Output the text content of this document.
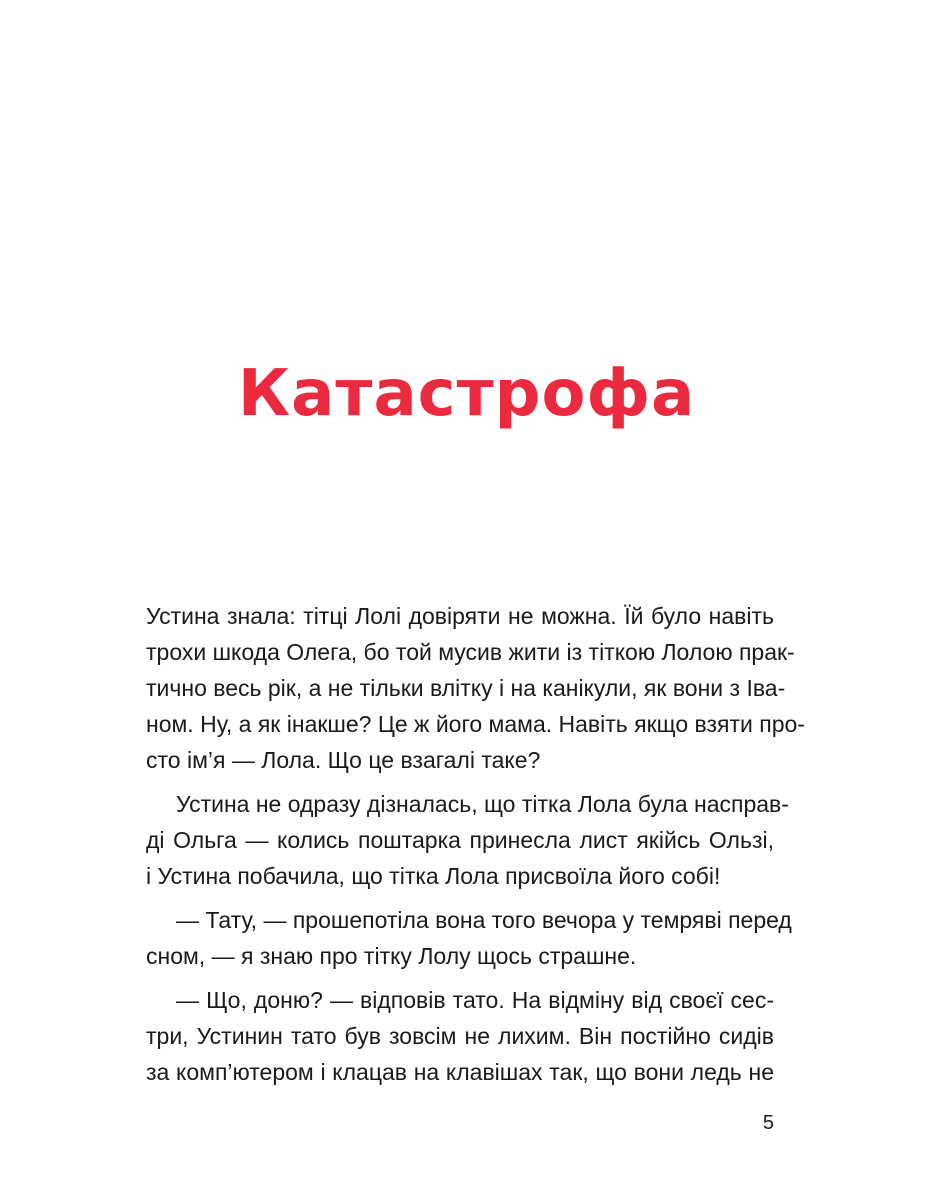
Катастрофа
Устина знала: тітці Лолі довіряти не можна. Їй було навіть
трохи шкода Олега, бо той мусив жити із тіткою Лолою прак-
тично весь рік, а не тільки влітку і на канікули, як вони з Іва-
ном. Ну, а як інакше? Це ж його мама. Навіть якщо взяти про-
сто ім’я — Лола. Що це взагалі таке?
Устина не одразу дізналась, що тітка Лола була насправ-
ді Ольга — колись поштарка принесла лист якійсь Ользі,
і Устина побачила, що тітка Лола присвоїла його собі!
— Тату, — прошепотіла вона того вечора у темряві перед
сном, — я знаю про тітку Лолу щось страшне.
— Що, доню? — відповів тато. На відміну від своєї сес-
три, Устинин тато був зовсім не лихим. Він постійно сидів
за комп’ютером і клацав на клавішах так, що вони ледь не
5
